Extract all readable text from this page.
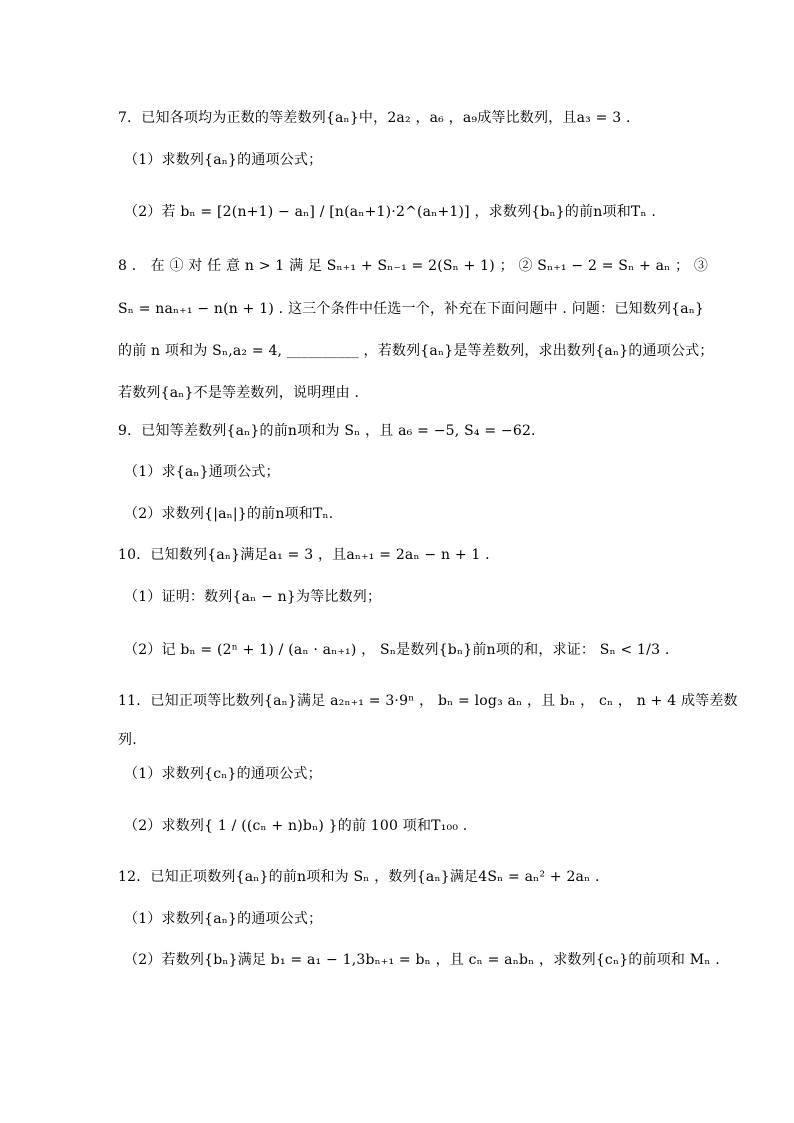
7．已知各项均为正数的等差数列{aₙ}中，2a₂ ，a₆ ，a₉成等比数列，且a₃ = 3 .
（1）求数列{aₙ}的通项公式；
（2）若 bₙ = [2(n+1) − aₙ] / [n(aₙ+1)·2^(aₙ+1)] ，求数列{bₙ}的前n项和Tₙ .
8 ． 在 ① 对 任 意 n > 1 满 足 Sₙ₊₁ + Sₙ₋₁ = 2(Sₙ + 1) ； ② Sₙ₊₁ − 2 = Sₙ + aₙ ； ③
Sₙ = naₙ₊₁ − n(n + 1) . 这三个条件中任选一个，补充在下面问题中 . 问题：已知数列{aₙ}
的前 n 项和为 Sₙ,a₂ = 4, __________ ，若数列{aₙ}是等差数列，求出数列{aₙ}的通项公式；
若数列{aₙ}不是等差数列，说明理由 .
9．已知等差数列{aₙ}的前n项和为 Sₙ ，且 a₆ = −5, S₄ = −62.
（1）求{aₙ}通项公式；
（2）求数列{|aₙ|}的前n项和Tₙ.
10．已知数列{aₙ}满足a₁ = 3 ，且aₙ₊₁ = 2aₙ − n + 1 .
（1）证明：数列{aₙ − n}为等比数列；
（2）记 bₙ = (2ⁿ + 1) / (aₙ · aₙ₊₁) ， Sₙ是数列{bₙ}前n项的和，求证： Sₙ < 1/3 .
11．已知正项等比数列{aₙ}满足 a₂ₙ₊₁ = 3·9ⁿ ， bₙ = log₃ aₙ ，且 bₙ ， cₙ ， n + 4 成等差数
列.
（1）求数列{cₙ}的通项公式；
（2）求数列{ 1 / ((cₙ + n)bₙ) }的前 100 项和T₁₀₀ .
12．已知正项数列{aₙ}的前n项和为 Sₙ ，数列{aₙ}满足4Sₙ = aₙ² + 2aₙ .
（1）求数列{aₙ}的通项公式；
（2）若数列{bₙ}满足 b₁ = a₁ − 1,3bₙ₊₁ = bₙ ，且 cₙ = aₙbₙ ，求数列{cₙ}的前项和 Mₙ .
